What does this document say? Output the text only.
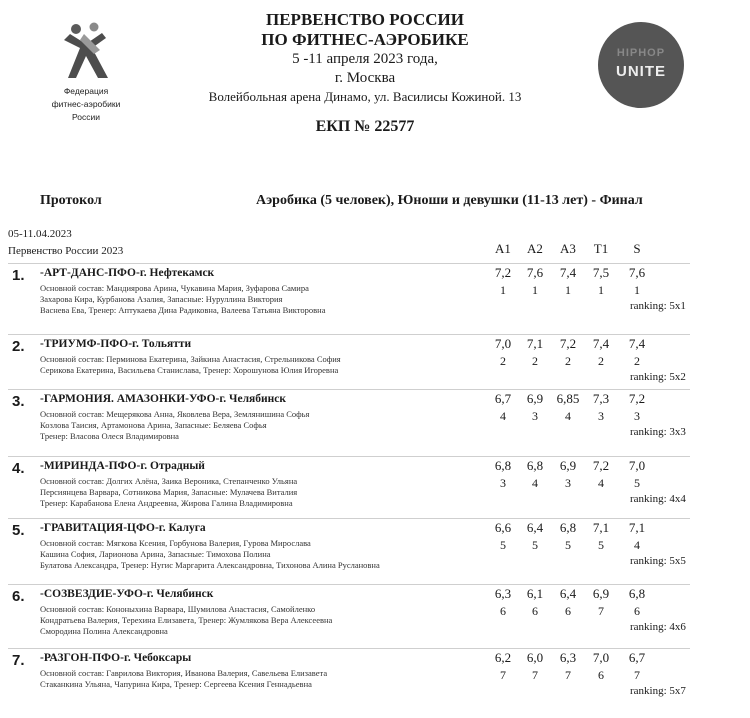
Федерация
фитнес-аэробики
России
HIPHOP
UNITE
ПЕРВЕНСТВО РОССИИ
ПО ФИТНЕС-АЭРОБИКЕ
5 -11 апреля 2023 года,
г. Москва
Волейбольная арена Динамо, ул. Василисы Кожиной. 13
ЕКП № 22577
Протокол	Аэробика (5 человек), Юноши и девушки (11-13 лет) - Финал
05-11.04.2023
Первенство России 2023	A1	A2	A3	T1	S
1. -АРТ-ДАНС-ПФО-г. Нефтекамск
Основной состав: Мандиярова Арина, Чукавина Мария, Зуфарова Самира
Захарова Кира, Курбанова Азалия, Запасные: Нуруллина Виктория
Васнева Ева, Тренер: Аптукаева Дина Радиковна, Валеева Татьяна Викторовна
7,2	7,6	7,4	7,5	7,6
1	1	1	1	1
ranking: 5x1
2. -ТРИУМФ-ПФО-г. Тольятти
Основной состав: Перминова Екатерина, Зайкина Анастасия, Стрельникова София
Серикова Екатерина, Васильева Станислава, Тренер: Хорошунова Юлия Игоревна
7,0	7,1	7,2	7,4	7,4
2	2	2	2	2
ranking: 5x2
3. -ГАРМОНИЯ. АМАЗОНКИ-УФО-г. Челябинск
Основной состав: Мещерякова Анна, Яковлева Вера, Землянишина Софья
Козлова Таисия, Артамонова Арина, Запасные: Беляева Софья
Тренер: Власова Олеся Владимировна
6,7	6,9	6,85	7,3	7,2
4	3	4	3	3
ranking: 3x3
4. -МИРИНДА-ПФО-г. Отрадный
Основной состав: Долгих Алёна, Заика Вероника, Степанченко Ульяна
Персиянцева Варвара, Сотникова Мария, Запасные: Мулачева Виталия
Тренер: Карабанова Елена Андреевна, Жирова Галина Владимировна
6,8	6,8	6,9	7,2	7,0
3	4	3	4	5
ranking: 4x4
5. -ГРАВИТАЦИЯ-ЦФО-г. Калуга
Основной состав: Мягкова Ксения, Горбунова Валерия, Гурова Мирослава
Кашина София, Ларионова Арина, Запасные: Тимохова Полина
Булатова Александра, Тренер: Нугис Маргарита Александровна, Тихонова Алина Руслановна
6,6	6,4	6,8	7,1	7,1
5	5	5	5	4
ranking: 5x5
6. -СОЗВЕЗДИЕ-УФО-г. Челябинск
Основной состав: Кононыхина Варвара, Шумилова Анастасия, Самойленко
Кондратьева Валерия, Терехина Елизавета, Тренер: Жумлякова Вера Алексеевна
Смородина Полина Александровна
6,3	6,1	6,4	6,9	6,8
6	6	6	7	6
ranking: 4x6
7. -РАЗГОН-ПФО-г. Чебоксары
Основной состав: Гаврилова Виктория, Иванова Валерия, Савельева Елизавета
Стаканкина Ульяна, Чапурина Кира, Тренер: Сергеева Ксения Геннадьевна
6,2	6,0	6,3	7,0	6,7
7	7	7	6	7
ranking: 5x7
